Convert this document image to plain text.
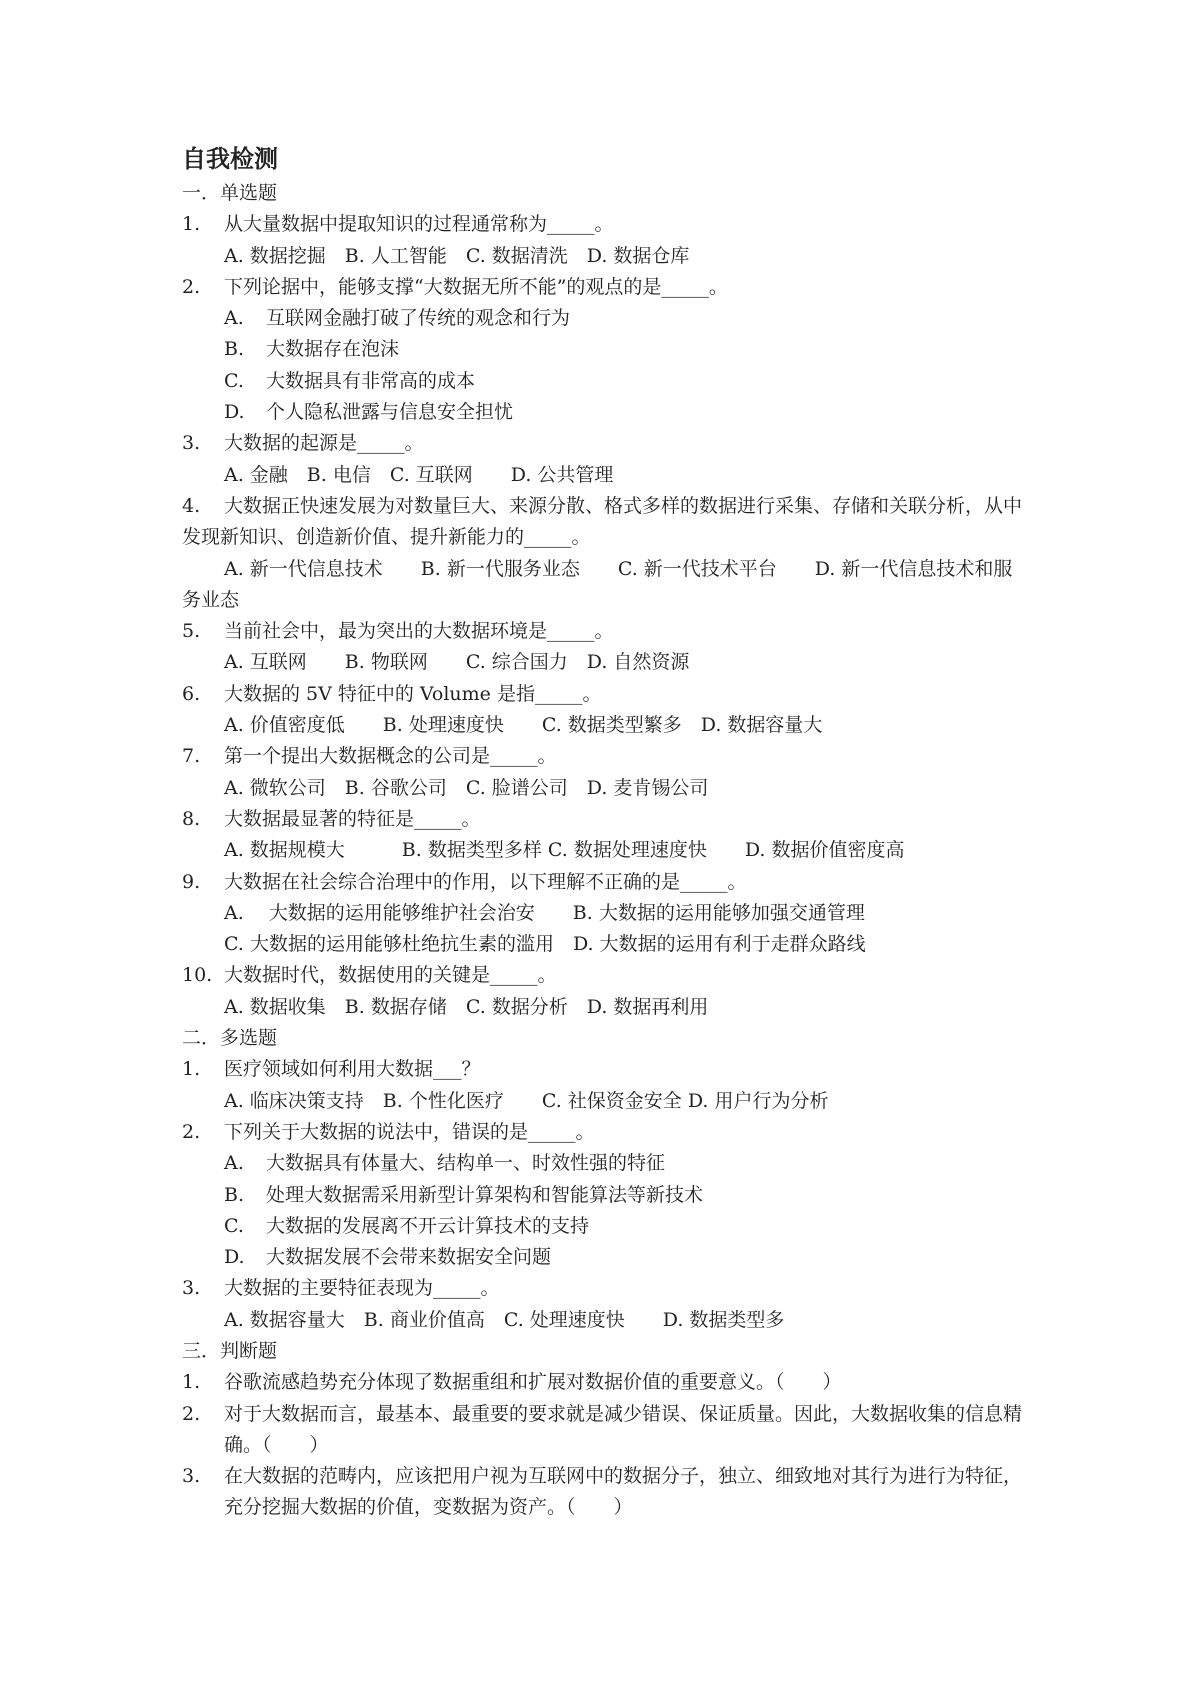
自我检测
一．单选题
1. 从大量数据中提取知识的过程通常称为_____。
A. 数据挖掘　B. 人工智能　C. 数据清洗　D. 数据仓库
2. 下列论据中，能够支撑“大数据无所不能”的观点的是_____。
A. 互联网金融打破了传统的观念和行为
B. 大数据存在泡沫
C. 大数据具有非常高的成本
D. 个人隐私泄露与信息安全担忧
3. 大数据的起源是_____。
A. 金融　B. 电信　C. 互联网　　D. 公共管理
4. 大数据正快速发展为对数量巨大、来源分散、格式多样的数据进行采集、存储和关联分析，从中发现新知识、创造新价值、提升新能力的_____。
A. 新一代信息技术　　B. 新一代服务业态　　C. 新一代技术平台　　D. 新一代信息技术和服务业态
5. 当前社会中，最为突出的大数据环境是_____。
A. 互联网　　B. 物联网　　C. 综合国力　D. 自然资源
6. 大数据的 5V 特征中的 Volume 是指_____。
A. 价值密度低　　B. 处理速度快　　C. 数据类型繁多　D. 数据容量大
7. 第一个提出大数据概念的公司是_____。
A. 微软公司　B. 谷歌公司　C. 脸谱公司　D. 麦肯锡公司
8. 大数据最显著的特征是_____。
A. 数据规模大　　　B. 数据类型多样 C. 数据处理速度快　　D. 数据价值密度高
9. 大数据在社会综合治理中的作用，以下理解不正确的是_____。
A.　 大数据的运用能够维护社会治安　　B. 大数据的运用能够加强交通管理
C. 大数据的运用能够杜绝抗生素的滥用　D. 大数据的运用有利于走群众路线
10. 大数据时代，数据使用的关键是_____。
A. 数据收集　B. 数据存储　C. 数据分析　D. 数据再利用
二．多选题
1. 医疗领域如何利用大数据___？
A. 临床决策支持　B. 个性化医疗　　C. 社保资金安全 D. 用户行为分析
2. 下列关于大数据的说法中，错误的是_____。
A. 大数据具有体量大、结构单一、时效性强的特征
B. 处理大数据需采用新型计算架构和智能算法等新技术
C. 大数据的发展离不开云计算技术的支持
D. 大数据发展不会带来数据安全问题
3. 大数据的主要特征表现为_____。
A. 数据容量大　B. 商业价值高　C. 处理速度快　　D. 数据类型多
三．判断题
1. 谷歌流感趋势充分体现了数据重组和扩展对数据价值的重要意义。（　　）
2. 对于大数据而言，最基本、最重要的要求就是减少错误、保证质量。因此，大数据收集的信息精确。（　　）
3. 在大数据的范畴内，应该把用户视为互联网中的数据分子，独立、细致地对其行为进行为特征，充分挖掘大数据的价值，变数据为资产。（　　）
